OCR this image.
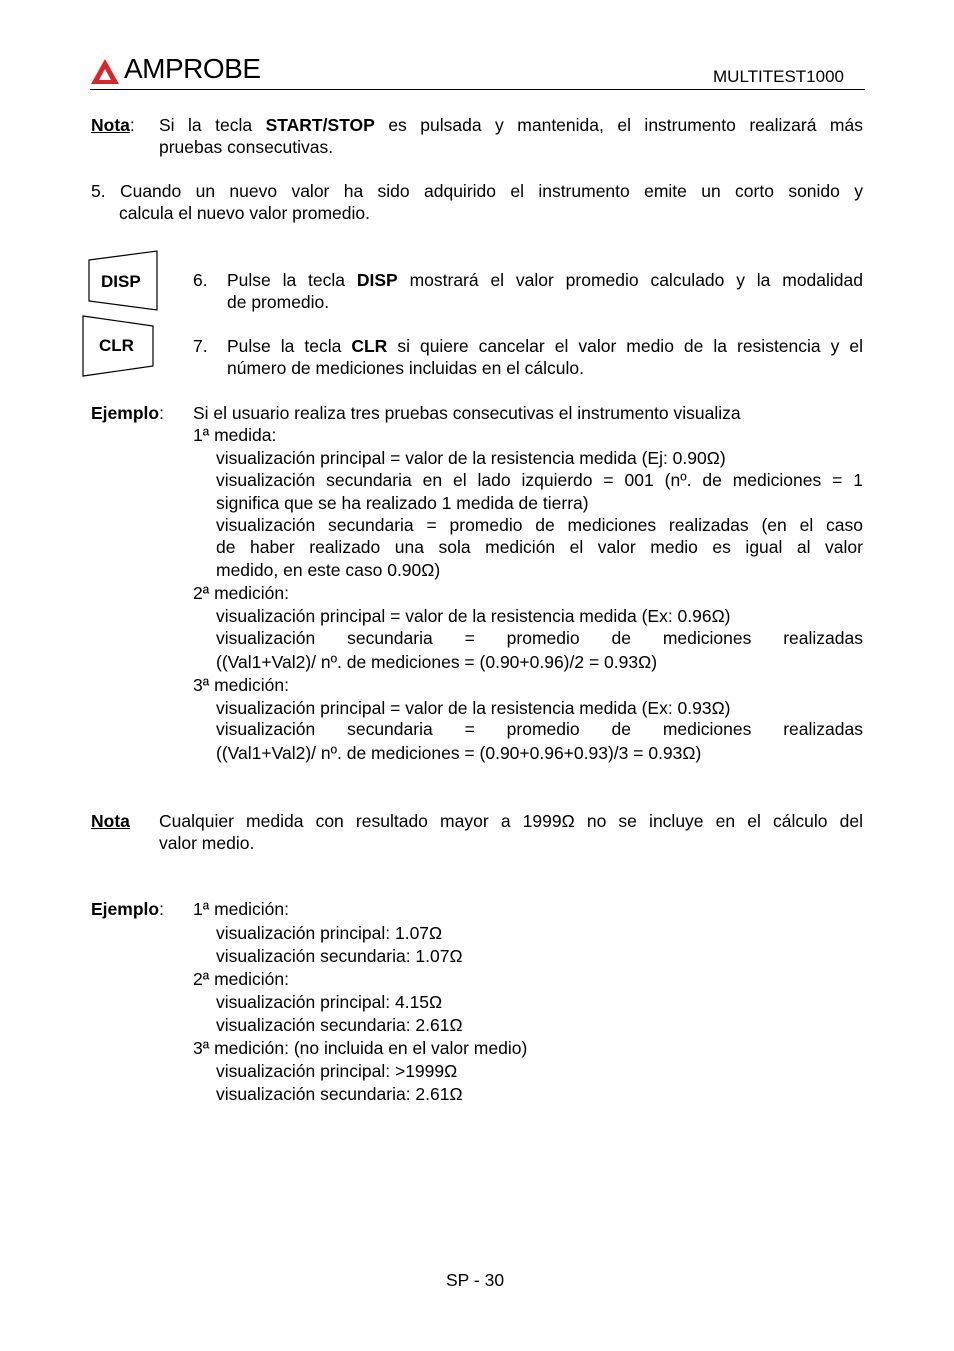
AMPROBE	MULTITEST1000
Nota: Si la tecla START/STOP es pulsada y mantenida, el instrumento realizará más
pruebas consecutivas.
5. Cuando un nuevo valor ha sido adquirido el instrumento emite un corto sonido y
calcula el nuevo valor promedio.
DISP
CLR
6. Pulse la tecla DISP mostrará el valor promedio calculado y la modalidad
de promedio.
7. Pulse la tecla CLR si quiere cancelar el valor medio de la resistencia y el
número de mediciones incluidas en el cálculo.
Ejemplo: Si el usuario realiza tres pruebas consecutivas el instrumento visualiza
1ª medida:
visualización principal = valor de la resistencia medida (Ej: 0.90Ω)
visualización secundaria en el lado izquierdo = 001 (nº. de mediciones = 1
significa que se ha realizado 1 medida de tierra)
visualización secundaria = promedio de mediciones realizadas (en el caso
de haber realizado una sola medición el valor medio es igual al valor
medido, en este caso 0.90Ω)
2ª medición:
visualización principal = valor de la resistencia medida (Ex: 0.96Ω)
visualización secundaria = promedio de mediciones realizadas
((Val1+Val2)/ nº. de mediciones = (0.90+0.96)/2 = 0.93Ω)
3ª medición:
visualización principal = valor de la resistencia medida (Ex: 0.93Ω)
visualización secundaria = promedio de mediciones realizadas
((Val1+Val2)/ nº. de mediciones = (0.90+0.96+0.93)/3 = 0.93Ω)
Nota Cualquier medida con resultado mayor a 1999Ω no se incluye en el cálculo del
valor medio.
Ejemplo: 1ª medición:
visualización principal: 1.07Ω
visualización secundaria: 1.07Ω
2ª medición:
visualización principal: 4.15Ω
visualización secundaria: 2.61Ω
3ª medición: (no incluida en el valor medio)
visualización principal: >1999Ω
visualización secundaria: 2.61Ω
SP - 30
